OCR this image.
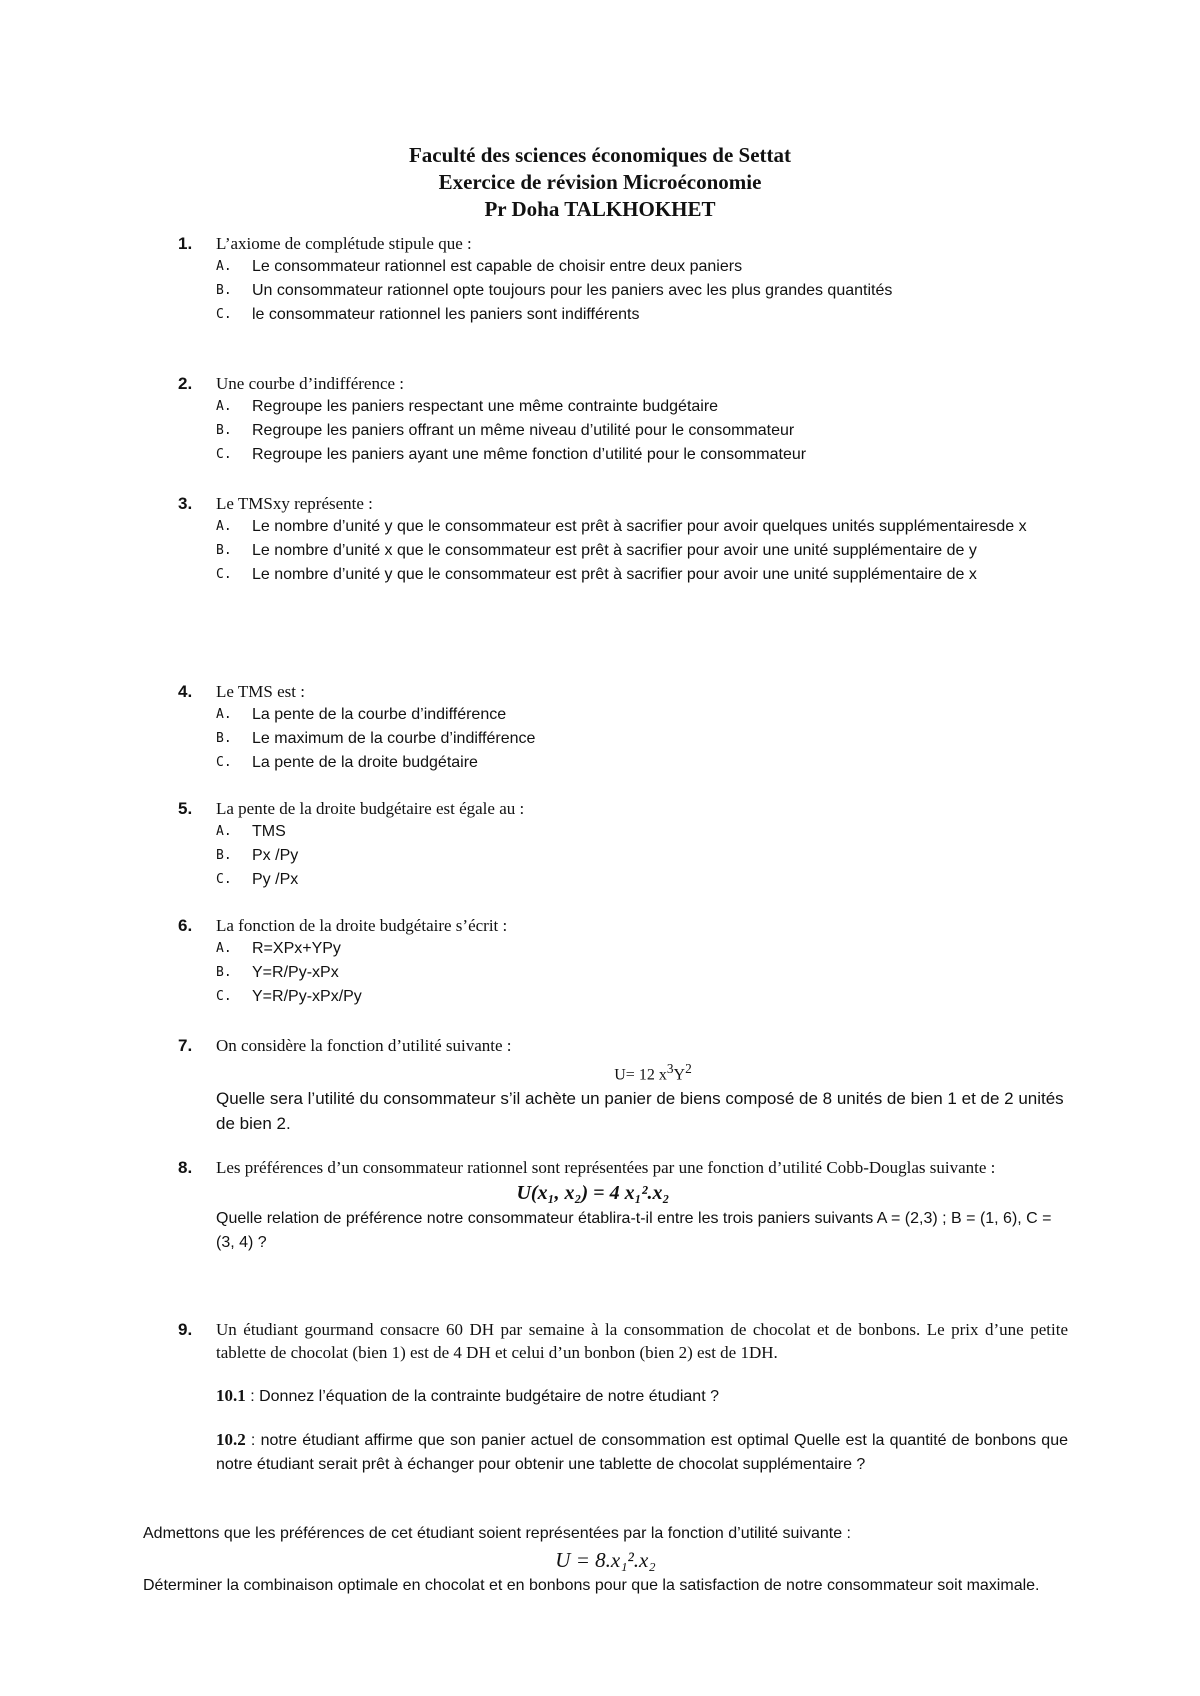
Faculté des sciences économiques de Settat
Exercice de révision Microéconomie
Pr Doha TALKHOKHET
1. L’axiome de complétude stipule que :
A. Le consommateur rationnel est capable de choisir entre deux paniers
B. Un consommateur rationnel opte toujours pour les paniers avec les plus grandes quantités
C. le consommateur rationnel les paniers sont indifférents
2. Une courbe d’indifférence :
A. Regroupe les paniers respectant une même contrainte budgétaire
B. Regroupe les paniers offrant un même niveau d’utilité pour le consommateur
C. Regroupe les paniers ayant une même fonction d’utilité pour le consommateur
3. Le TMSxy représente :
A. Le nombre d’unité y que le consommateur est prêt à sacrifier pour avoir quelques unités supplémentairesde x
B. Le nombre d’unité x que le consommateur est prêt à sacrifier pour avoir une unité supplémentaire de y
C. Le nombre d’unité y que le consommateur est prêt à sacrifier pour avoir une unité supplémentaire de x
4. Le TMS est :
A. La pente de la courbe d’indifférence
B. Le maximum de la courbe d’indifférence
C. La pente de la droite budgétaire
5. La pente de la droite budgétaire est égale au :
A. TMS
B. Px /Py
C. Py /Px
6. La fonction de la droite budgétaire s’écrit :
A. R=XPx+YPy
B. Y=R/Py-xPx
C. Y=R/Py-xPx/Py
7. On considère la fonction d’utilité suivante :
U= 12 $x^3Y^2$
Quelle sera l’utilité du consommateur s’il achète un panier de biens composé de 8 unités de bien 1 et de 2 unités de bien 2.
8. Les préférences d’un consommateur rationnel sont représentées par une fonction d’utilité Cobb-Douglas suivante :
U(x₁, x₂) = 4 x₁².x₂
Quelle relation de préférence notre consommateur établira-t-il entre les trois paniers suivants A = (2,3) ; B = (1, 6), C = (3, 4) ?
9. Un étudiant gourmand consacre 60 DH par semaine à la consommation de chocolat et de bonbons. Le prix d’une petite tablette de chocolat (bien 1) est de 4 DH et celui d’un bonbon (bien 2) est de 1DH.
10.1 : Donnez l’équation de la contrainte budgétaire de notre étudiant ?
10.2 : notre étudiant affirme que son panier actuel de consommation est optimal Quelle est la quantité de bonbons que notre étudiant serait prêt à échanger pour obtenir une tablette de chocolat supplémentaire ?
Admettons que les préférences de cet étudiant soient représentées par la fonction d’utilité suivante :
U = 8.x₁².x₂
Déterminer la combinaison optimale en chocolat et en bonbons pour que la satisfaction de notre consommateur soit maximale.
